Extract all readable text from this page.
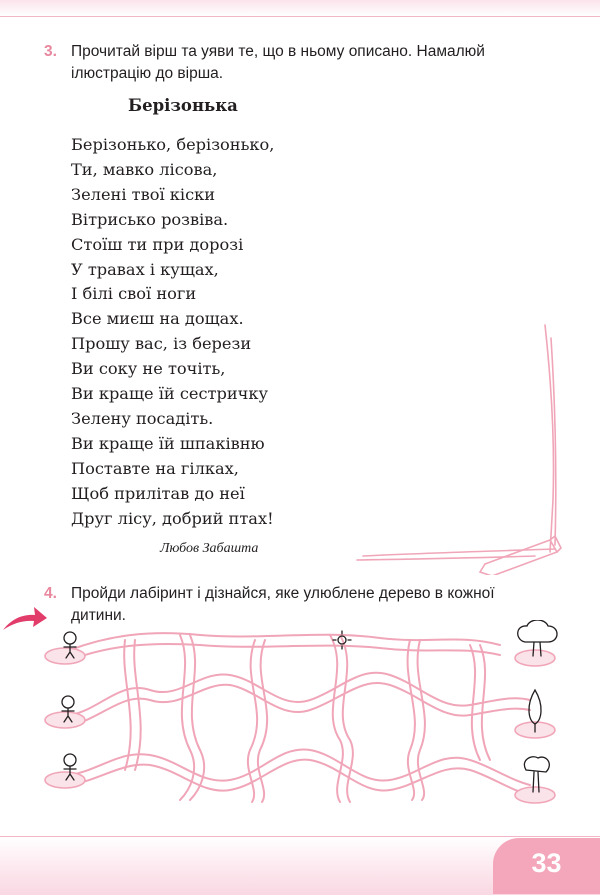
3. Прочитай вірш та уяви те, що в ньому описано. Намалюй ілюстрацію до вірша.
Берізонька
Берізонько, берізонько,
Ти, мавко лісова,
Зелені твої кіски
Вітрисько розвіва.
Стоїш ти при дорозі
У травах і кущах,
І білі свої ноги
Все миєш на дощах.
Прошу вас, із берези
Ви соку не точіть,
Ви краще їй сестричку
Зелену посадіть.
Ви краще їй шпаківню
Поставте на гілках,
Щоб прилітав до неї
Друг лісу, добрий птах!
Любов Забашта
4. Пройди лабіринт і дізнайся, яке улюблене дерево в кожної дитини.
33
